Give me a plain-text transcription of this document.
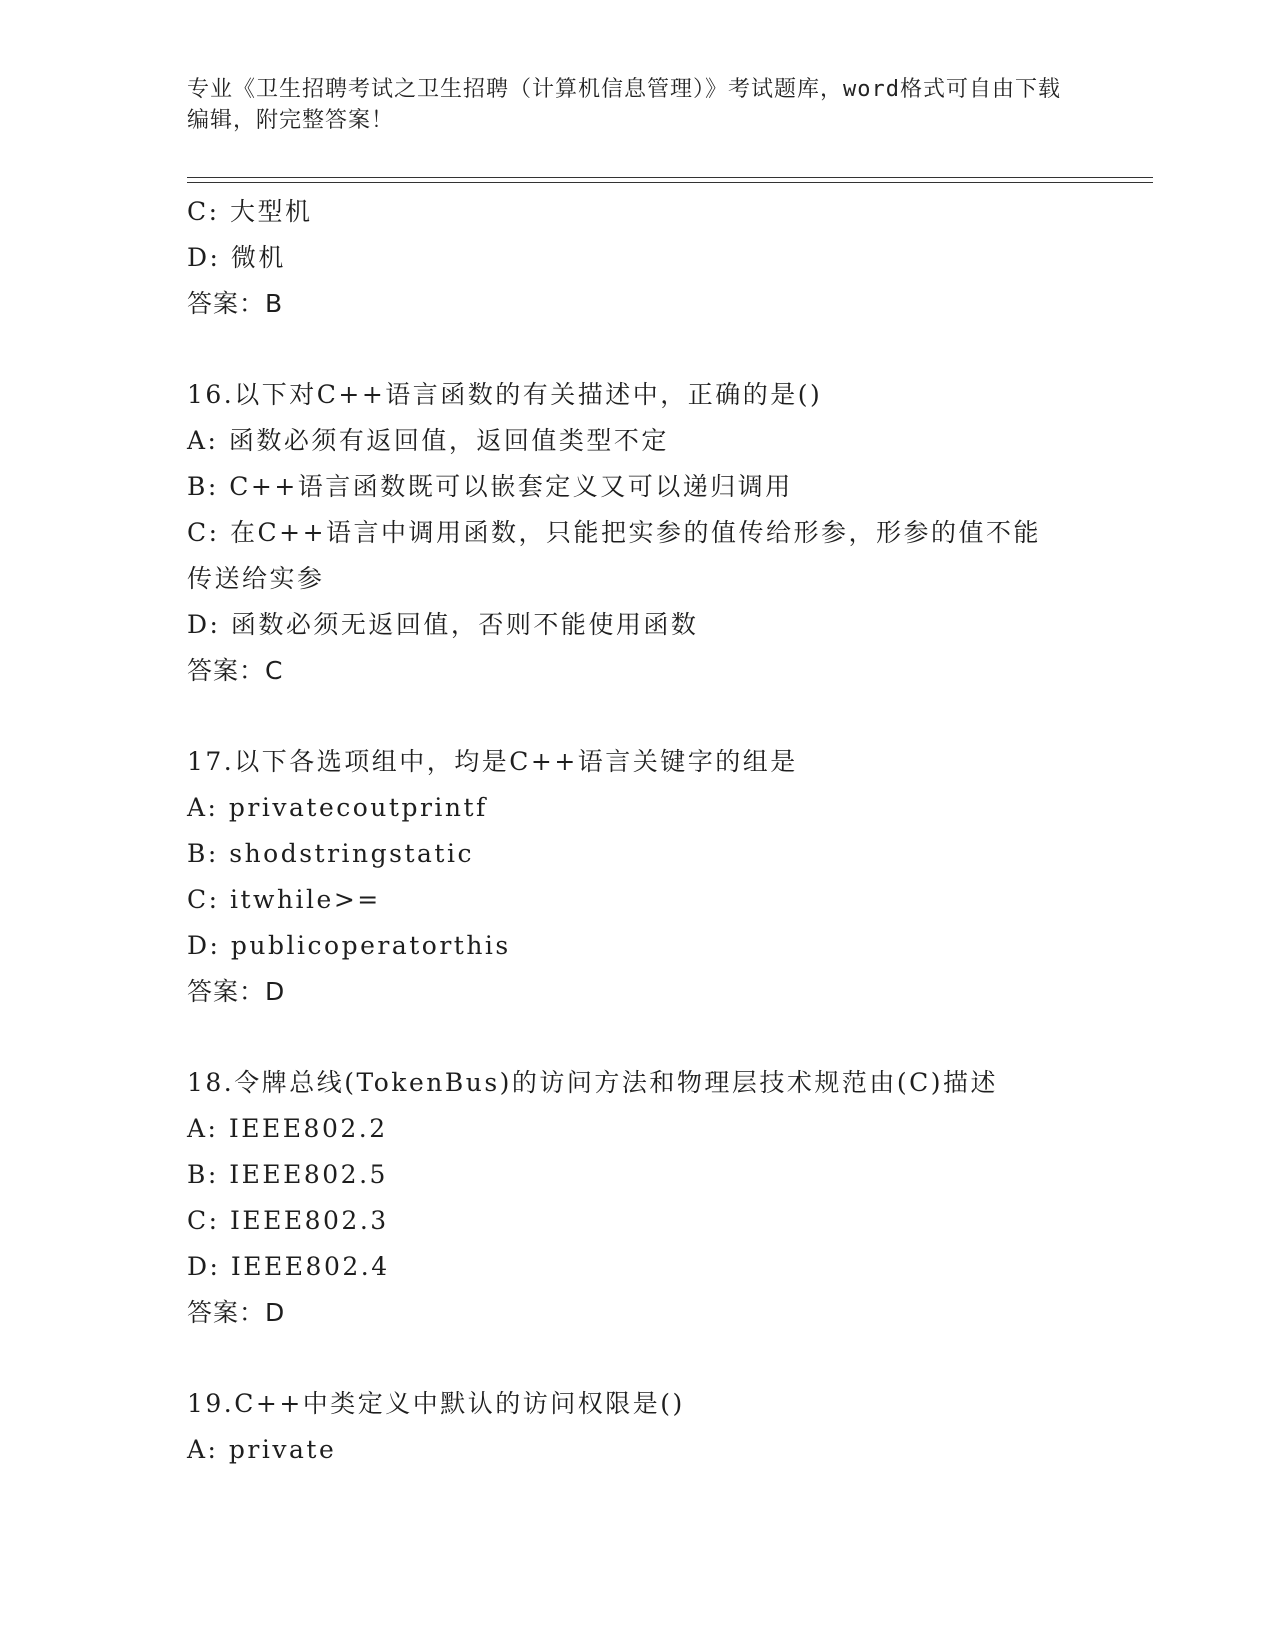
专业《卫生招聘考试之卫生招聘（计算机信息管理）》考试题库，word格式可自由下载编辑，附完整答案！
C: 大型机
D: 微机
答案：B
16.以下对C++语言函数的有关描述中，正确的是()
A: 函数必须有返回值，返回值类型不定
B: C++语言函数既可以嵌套定义又可以递归调用
C: 在C++语言中调用函数，只能把实参的值传给形参，形参的值不能传送给实参
D: 函数必须无返回值，否则不能使用函数
答案：C
17.以下各选项组中，均是C++语言关键字的组是
A: privatecoutprintf
B: shodstringstatic
C: itwhile>=
D: publicoperatorthis
答案：D
18.令牌总线(TokenBus)的访问方法和物理层技术规范由(C)描述
A: IEEE802.2
B: IEEE802.5
C: IEEE802.3
D: IEEE802.4
答案：D
19.C++中类定义中默认的访问权限是()
A: private
